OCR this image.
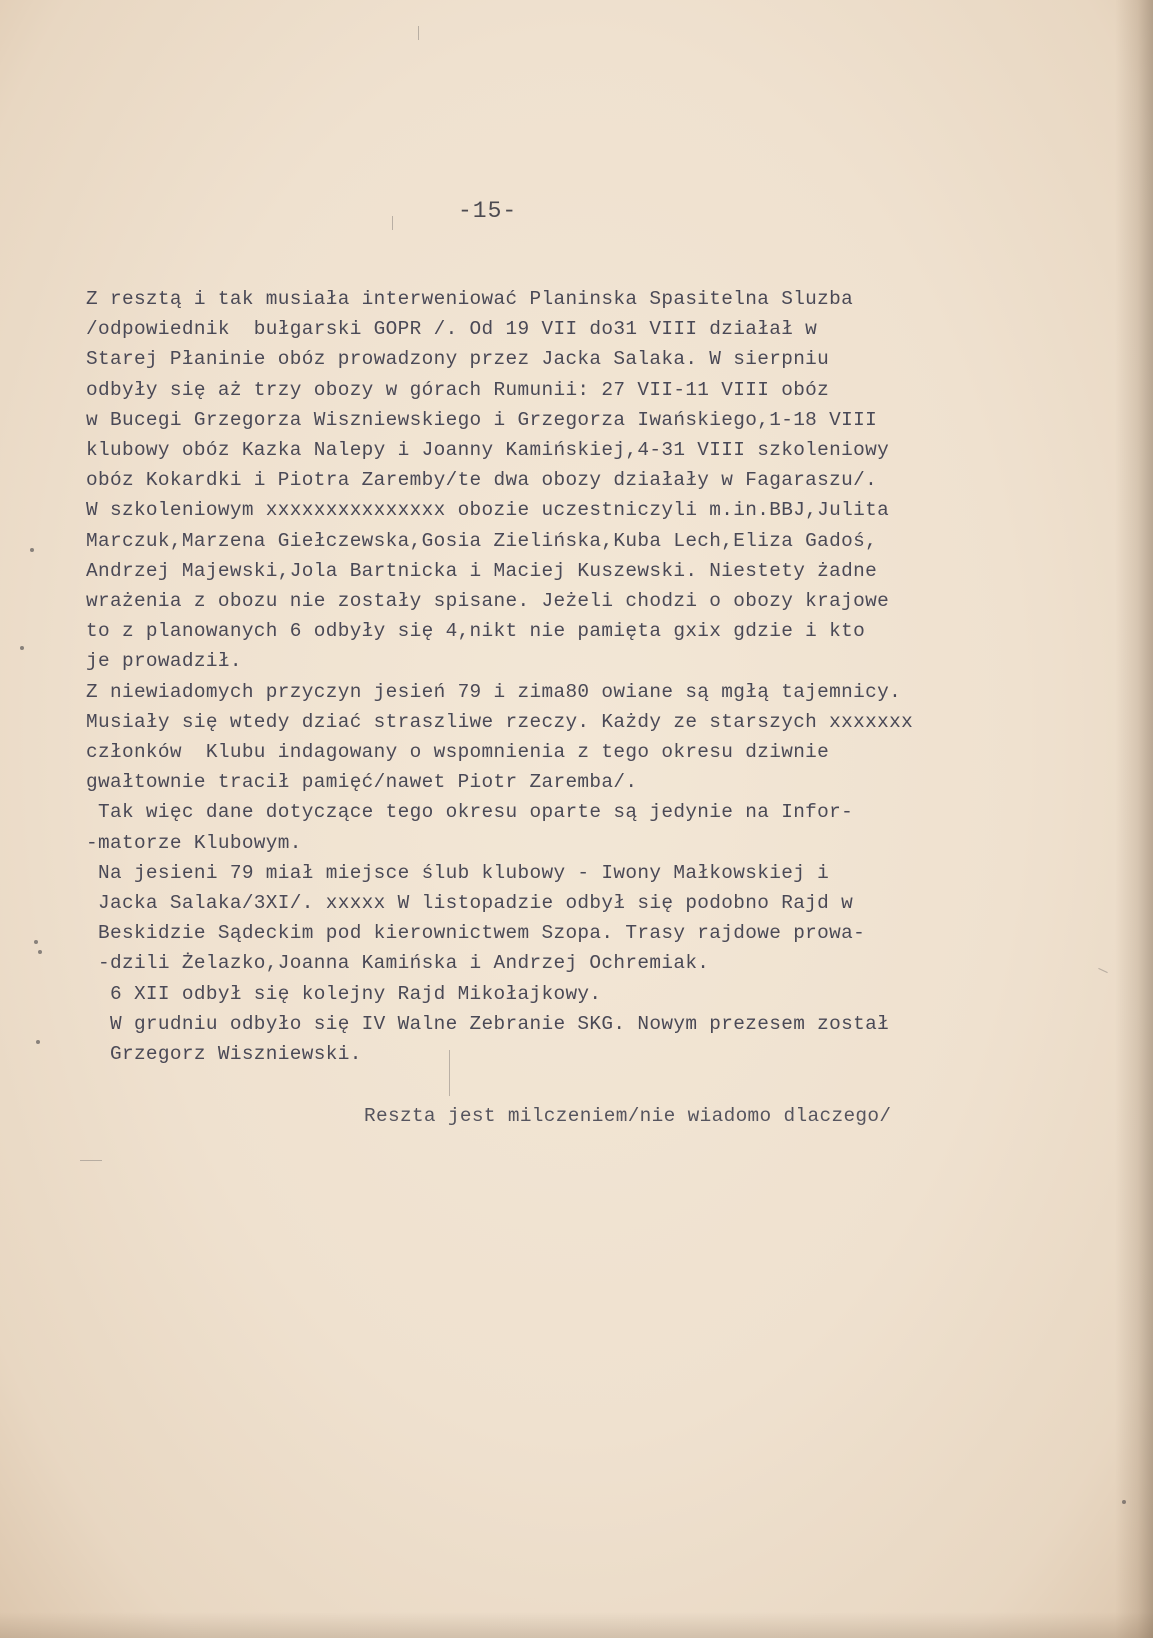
-15-
Z resztą i tak musiała interweniować Planinska Spasitelna Sluzba
/odpowiednik  bułgarski GOPR /. Od 19 VII do31 VIII działał w
Starej Płaninie obóz prowadzony przez Jacka Salaka. W sierpniu
odbyły się aż trzy obozy w górach Rumunii: 27 VII-11 VIII obóz
w Bucegi Grzegorza Wiszniewskiego i Grzegorza Iwańskiego,1-18 VIII
klubowy obóz Kazka Nalepy i Joanny Kamińskiej,4-31 VIII szkoleniowy
obóz Kokardki i Piotra Zaremby/te dwa obozy działały w Fagaraszu/.
W szkoleniowym xxxxxxxxxxxxxxx obozie uczestniczyli m.in.BBJ,Julita
Marczuk,Marzena Giełczewska,Gosia Zielińska,Kuba Lech,Eliza Gadoś,
Andrzej Majewski,Jola Bartnicka i Maciej Kuszewski. Niestety żadne
wrażenia z obozu nie zostały spisane. Jeżeli chodzi o obozy krajowe
to z planowanych 6 odbyły się 4,nikt nie pamięta gxix gdzie i kto
je prowadził.
Z niewiadomych przyczyn jesień 79 i zima80 owiane są mgłą tajemnicy.
Musiały się wtedy dziać straszliwe rzeczy. Każdy ze starszych xxxxxxx
członków  Klubu indagowany o wspomnienia z tego okresu dziwnie
gwałtownie tracił pamięć/nawet Piotr Zaremba/.
Tak więc dane dotyczące tego okresu oparte są jedynie na Infor-
-matorze Klubowym.
Na jesieni 79 miał miejsce ślub klubowy - Iwony Małkowskiej i
Jacka Salaka/3XI/. xxxxx W listopadzie odbył się podobno Rajd w
Beskidzie Sądeckim pod kierownictwem Szopa. Trasy rajdowe prowa-
-dzili Żelazko,Joanna Kamińska i Andrzej Ochremiak.
6 XII odbył się kolejny Rajd Mikołajkowy.
W grudniu odbyło się IV Walne Zebranie SKG. Nowym prezesem został
Grzegorz Wiszniewski.
Reszta jest milczeniem/nie wiadomo dlaczego/
